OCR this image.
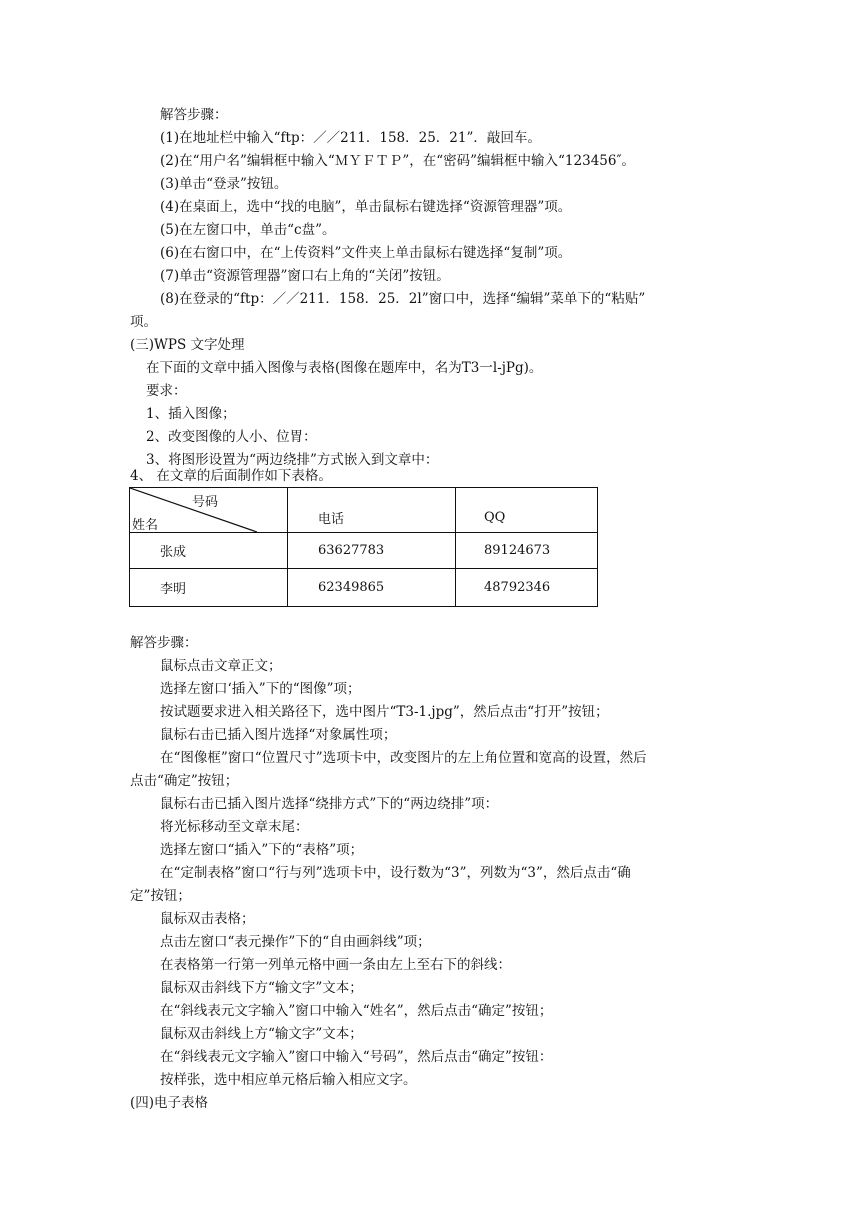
解答步骤：
(1)在地址栏中输入“ftp：／／211．158．25．21”．敲回车。
(2)在“用户名”编辑框中输入“ＭＹＦＴＰ”，在“密码”编辑框中输入“123456″。
(3)单击“登录”按钮。
(4)在桌面上，选中“找的电脑”，单击鼠标右键选择“资源管理器”项。
(5)在左窗口中，单击“c盘”。
(6)在右窗口中，在“上传资料”文件夹上单击鼠标右键选择“复制”项。
(7)单击“资源管理器”窗口右上角的“关闭”按钮。
(8)在登录的“ftp：／／211．158．25．2l”窗口中，选择“编辑”菜单下的“粘贴”
项。
(三)WPS 文字处理
在下面的文章中插入图像与表格(图像在题库中，名为T3一l-jPg)。
要求：
1、插入图像；
2、改变图像的人小、位胃：
3、将图形设置为“两边绕排”方式嵌入到文章中：
4、 在文章的后面制作如下表格。
号码
姓名	电话	QQ
张成	63627783	89124673
李明	62349865	48792346
解答步骤：
鼠标点击文章正文；
选择左窗口‘插入”下的“图像”项；
按试题要求进入相关路径下，选中图片“T3-1.jpg”，然后点击“打开”按钮；
鼠标右击已插入图片选择“对象属性项；
在“图像框”窗口“位置尺寸”选项卡中，改变图片的左上角位置和宽高的设置，然后
点击“确定”按钮；
鼠标右击已插入图片选择“绕排方式”下的“两边绕排”项：
将光标移动至文章末尾：
选择左窗口“插入”下的“表格”项；
在“定制表格”窗口“行与列”选项卡中，设行数为“3”，列数为“3”，然后点击“确
定”按钮；
鼠标双击表格；
点击左窗口“表元操作”下的“自由画斜线”项；
在表格第一行第一列单元格中画一条由左上至右下的斜线：
鼠标双击斜线下方“输文字”文本；
在“斜线表元文字输入”窗口中输入“姓名”，然后点击“确定”按钮；
鼠标双击斜线上方“输文字”文本；
在“斜线表元文字输入”窗口中输入“号码”，然后点击“确定”按钮：
按样张，选中相应单元格后输入相应文字。
(四)电子表格
